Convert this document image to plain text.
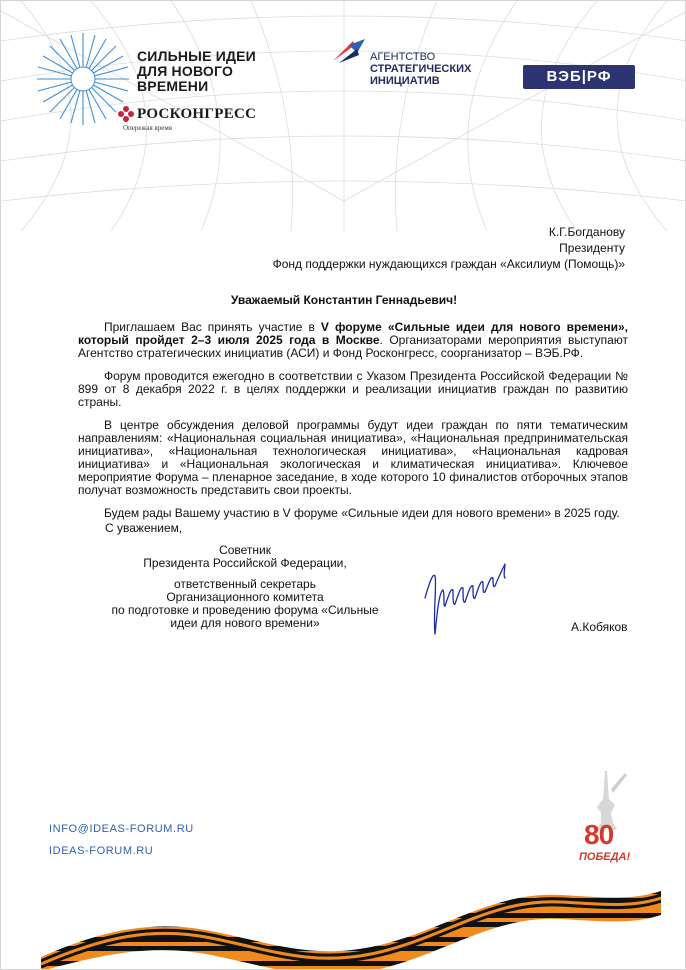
СИЛЬНЫЕ ИДЕИ
ДЛЯ НОВОГО
ВРЕМЕНИ
РОСКОНГРЕСС
Опережая время
АГЕНТСТВО
СТРАТЕГИЧЕСКИХ
ИНИЦИАТИВ	ВЭБ|РФ
К.Г.Богданову
Президенту
Фонд поддержки нуждающихся граждан «Аксилиум (Помощь)»
Уважаемый Константин Геннадьевич!

Приглашаем Вас принять участие в V форуме «Сильные идеи для нового времени», который пройдет 2–3 июля 2025 года в Москве. Организаторами мероприятия выступают Агентство стратегических инициатив (АСИ) и Фонд Росконгресс, соорганизатор – ВЭБ.РФ.

Форум проводится ежегодно в соответствии с Указом Президента Российской Федерации № 899 от 8 декабря 2022 г. в целях поддержки и реализации инициатив граждан по развитию страны.

В центре обсуждения деловой программы будут идеи граждан по пяти тематическим направлениям: «Национальная социальная инициатива», «Национальная предпринимательская инициатива», «Национальная технологическая инициатива», «Национальная кадровая инициатива» и «Национальная экологическая и климатическая инициатива». Ключевое мероприятие Форума – пленарное заседание, в ходе которого 10 финалистов отборочных этапов получат возможность представить свои проекты.

Будем рады Вашему участию в V форуме «Сильные идеи для нового времени» в 2025 году.

С уважением,
Советник
Президента Российской Федерации,
ответственный секретарь
Организационного комитета
по подготовке и проведению форума «Сильные
идеи для нового времени»	А.Кобяков
INFO@IDEAS-FORUM.RU
IDEAS-FORUM.RU
80
ПОБЕДА!
